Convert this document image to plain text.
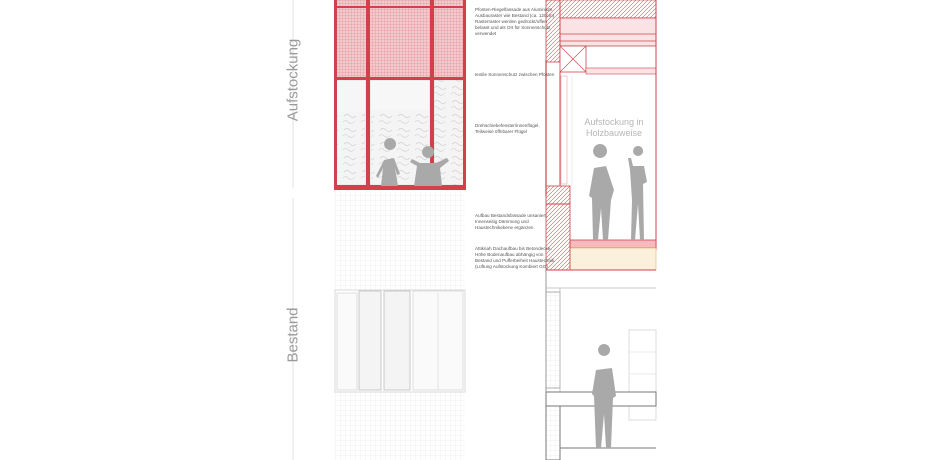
Aufstockung
Bestand
Pfosten-Riegelfassade aus Aluminium. Ausbauraster wie Bestand (ca. 120cm) Rasterraster werden gedrückt/offen belasst und als Ort für Sonnenschutz verwendet
textile Sonnenschutz zwischen Pfosten
Drehschiebefenster/innenflügel. Teilweise öffnbarer Flügel
Aufbau Bestandsfassade unsaniert. Innenseitig Dämmung und Haustechnikebene ergänzen
Attiknah Dachaufbau bis Betondecke. Höhe Bodenaufbau abhängig von Bestand und Pufferbeiheit Haustechnik (Lüftung Aufstockung Kombiert GG)
Aufstockung in Holzbauweise
